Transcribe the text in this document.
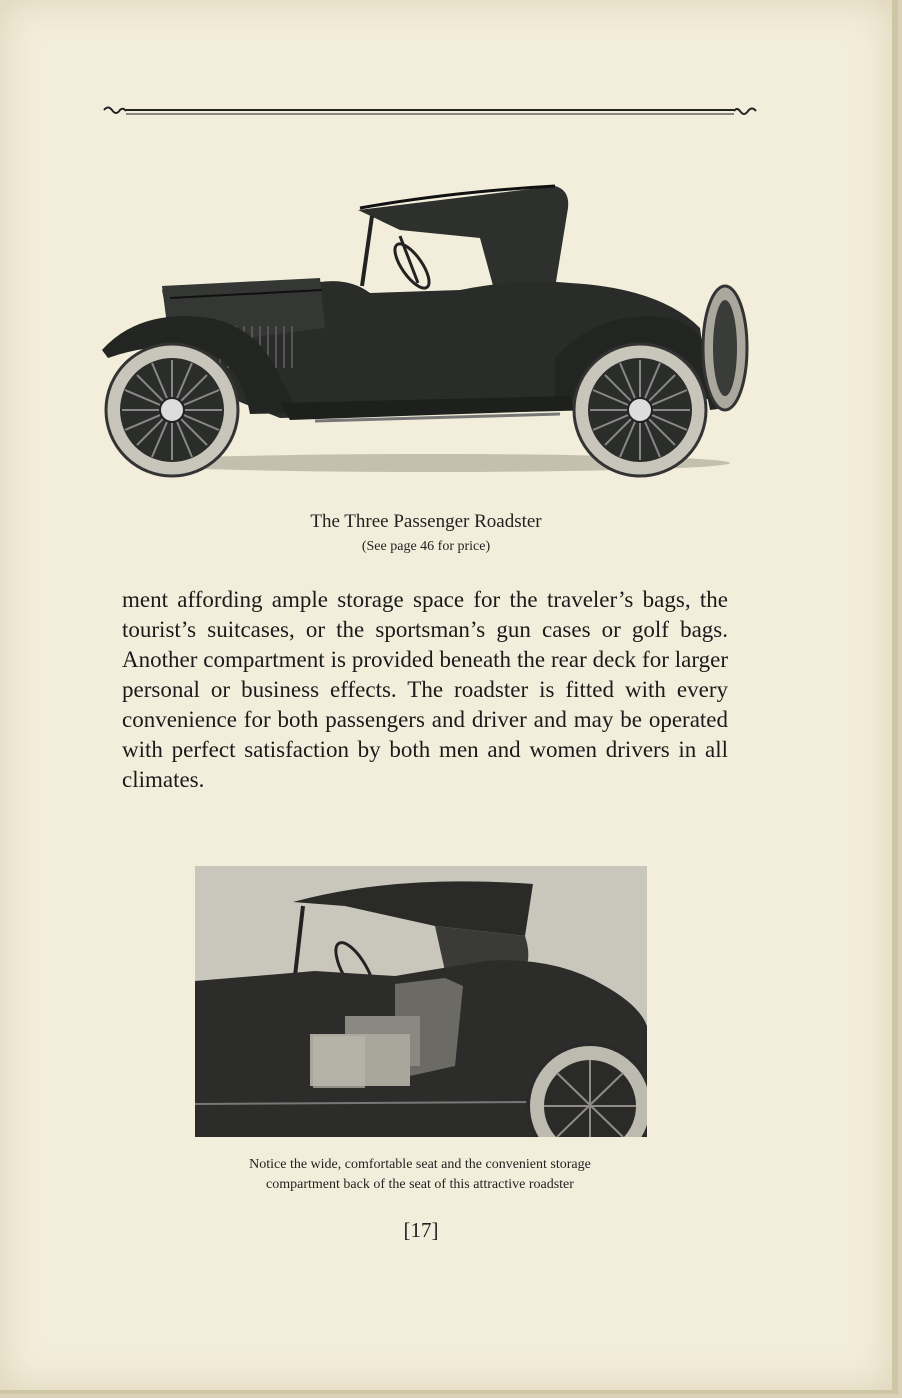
The Three Passenger Roadster
(See page 46 for price)
ment affording ample storage space for the traveler’s bags, the tourist’s suitcases, or the sportsman’s gun cases or golf bags. Another compartment is provided beneath the rear deck for larger personal or business effects. The roadster is fitted with every convenience for both passengers and driver and may be operated with perfect satisfaction by both men and women drivers in all climates.
Notice the wide, comfortable seat and the convenient storage
compartment back of the seat of this attractive roadster
[17]
